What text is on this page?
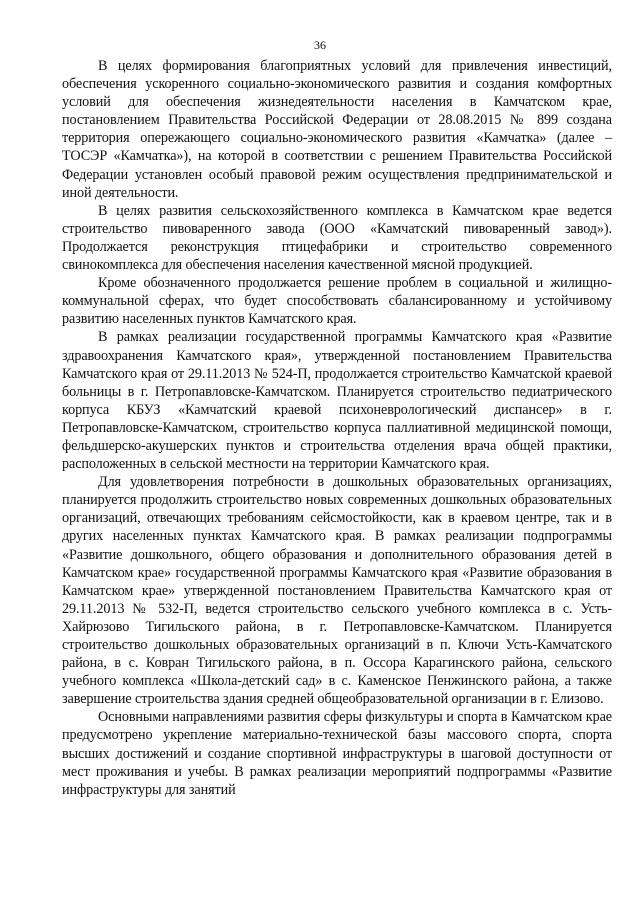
36

В целях формирования благоприятных условий для привлечения инвестиций, обеспечения ускоренного социально-экономического развития и создания комфортных условий для обеспечения жизнедеятельности населения в Камчатском крае, постановлением Правительства Российской Федерации от 28.08.2015 № 899 создана территория опережающего социально-экономического развития «Камчатка» (далее – ТОСЭР «Камчатка»), на которой в соответствии с решением Правительства Российской Федерации установлен особый правовой режим осуществления предпринимательской и иной деятельности.

В целях развития сельскохозяйственного комплекса в Камчатском крае ведется строительство пивоваренного завода (ООО «Камчатский пивоваренный завод»). Продолжается реконструкция птицефабрики и строительство современного свинокомплекса для обеспечения населения качественной мясной продукцией.

Кроме обозначенного продолжается решение проблем в социальной и жилищно-коммунальной сферах, что будет способствовать сбалансированному и устойчивому развитию населенных пунктов Камчатского края.

В рамках реализации государственной программы Камчатского края «Развитие здравоохранения Камчатского края», утвержденной постановлением Правительства Камчатского края от 29.11.2013 № 524-П, продолжается строительство Камчатской краевой больницы в г. Петропавловске-Камчатском. Планируется строительство педиатрического корпуса КБУЗ «Камчатский краевой психоневрологический диспансер» в г. Петропавловске-Камчатском, строительство корпуса паллиативной медицинской помощи, фельдшерско-акушерских пунктов и строительства отделения врача общей практики, расположенных в сельской местности на территории Камчатского края.

Для удовлетворения потребности в дошкольных образовательных организациях, планируется продолжить строительство новых современных дошкольных образовательных организаций, отвечающих требованиям сейсмостойкости, как в краевом центре, так и в других населенных пунктах Камчатского края. В рамках реализации подпрограммы «Развитие дошкольного, общего образования и дополнительного образования детей в Камчатском крае» государственной программы Камчатского края «Развитие образования в Камчатском крае» утвержденной постановлением Правительства Камчатского края от 29.11.2013 № 532-П, ведется строительство сельского учебного комплекса в с. Усть-Хайрюзово Тигильского района, в г. Петропавловске-Камчатском. Планируется строительство дошкольных образовательных организаций в п. Ключи Усть-Камчатского района, в с. Ковран Тигильского района, в п. Оссора Карагинского района, сельского учебного комплекса «Школа-детский сад» в с. Каменское Пенжинского района, а также завершение строительства здания средней общеобразовательной организации в г. Елизово.

Основными направлениями развития сферы физкультуры и спорта в Камчатском крае предусмотрено укрепление материально-технической базы массового спорта, спорта высших достижений и создание спортивной инфраструктуры в шаговой доступности от мест проживания и учебы. В рамках реализации мероприятий подпрограммы «Развитие инфраструктуры для занятий
